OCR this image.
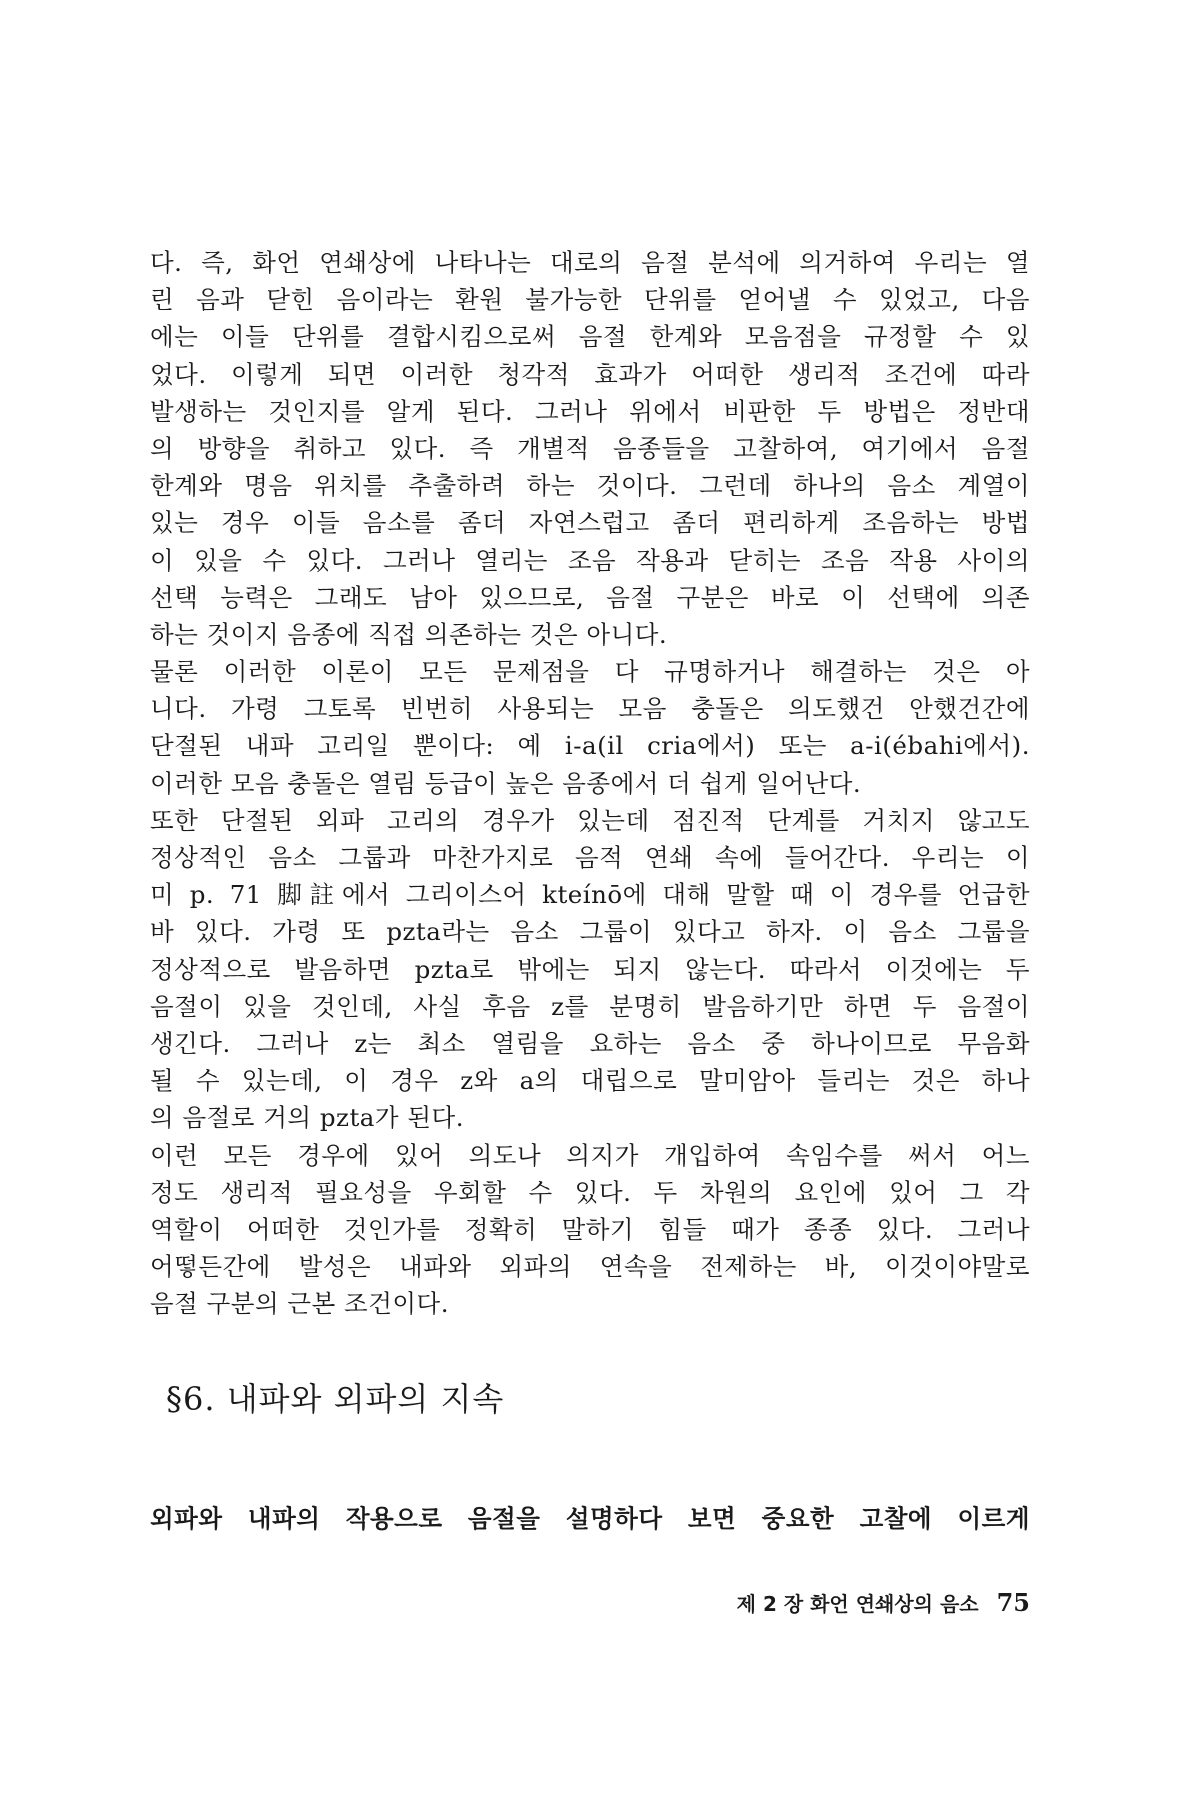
다. 즉, 화언 연쇄상에 나타나는 대로의 음절 분석에 의거하여 우리는 열
린 음과 닫힌 음이라는 환원 불가능한 단위를 얻어낼 수 있었고, 다음
에는 이들 단위를 결합시킴으로써 음절 한계와 모음점을 규정할 수 있
었다. 이렇게 되면 이러한 청각적 효과가 어떠한 생리적 조건에 따라
발생하는 것인지를 알게 된다. 그러나 위에서 비판한 두 방법은 정반대
의 방향을 취하고 있다. 즉 개별적 음종들을 고찰하여, 여기에서 음절
한계와 명음 위치를 추출하려 하는 것이다. 그런데 하나의 음소 계열이
있는 경우 이들 음소를 좀더 자연스럽고 좀더 편리하게 조음하는 방법
이 있을 수 있다. 그러나 열리는 조음 작용과 닫히는 조음 작용 사이의
선택 능력은 그래도 남아 있으므로, 음절 구분은 바로 이 선택에 의존
하는 것이지 음종에 직접 의존하는 것은 아니다.
물론 이러한 이론이 모든 문제점을 다 규명하거나 해결하는 것은 아
니다. 가령 그토록 빈번히 사용되는 모음 충돌은 의도했건 안했건간에
단절된 내파 고리일 뿐이다: 예 i-a(il cria에서) 또는 a-i(ébahi에서).
이러한 모음 충돌은 열림 등급이 높은 음종에서 더 쉽게 일어난다.
또한 단절된 외파 고리의 경우가 있는데 점진적 단계를 거치지 않고도
정상적인 음소 그룹과 마찬가지로 음적 연쇄 속에 들어간다. 우리는 이
미 p. 71 脚註에서 그리이스어 kteínō에 대해 말할 때 이 경우를 언급한
바 있다. 가령 또 pzta라는 음소 그룹이 있다고 하자. 이 음소 그룹을
정상적으로 발음하면 pzta로 밖에는 되지 않는다. 따라서 이것에는 두
음절이 있을 것인데, 사실 후음 z를 분명히 발음하기만 하면 두 음절이
생긴다. 그러나 z는 최소 열림을 요하는 음소 중 하나이므로 무음화
될 수 있는데, 이 경우 z와 a의 대립으로 말미암아 들리는 것은 하나
의 음절로 거의 pzta가 된다.
이런 모든 경우에 있어 의도나 의지가 개입하여 속임수를 써서 어느
정도 생리적 필요성을 우회할 수 있다. 두 차원의 요인에 있어 그 각
역할이 어떠한 것인가를 정확히 말하기 힘들 때가 종종 있다. 그러나
어떻든간에 발성은 내파와 외파의 연속을 전제하는 바, 이것이야말로
음절 구분의 근본 조건이다.
§6. 내파와 외파의 지속
외파와 내파의 작용으로 음절을 설명하다 보면 중요한 고찰에 이르게
제 2 장 화언 연쇄상의 음소 75
